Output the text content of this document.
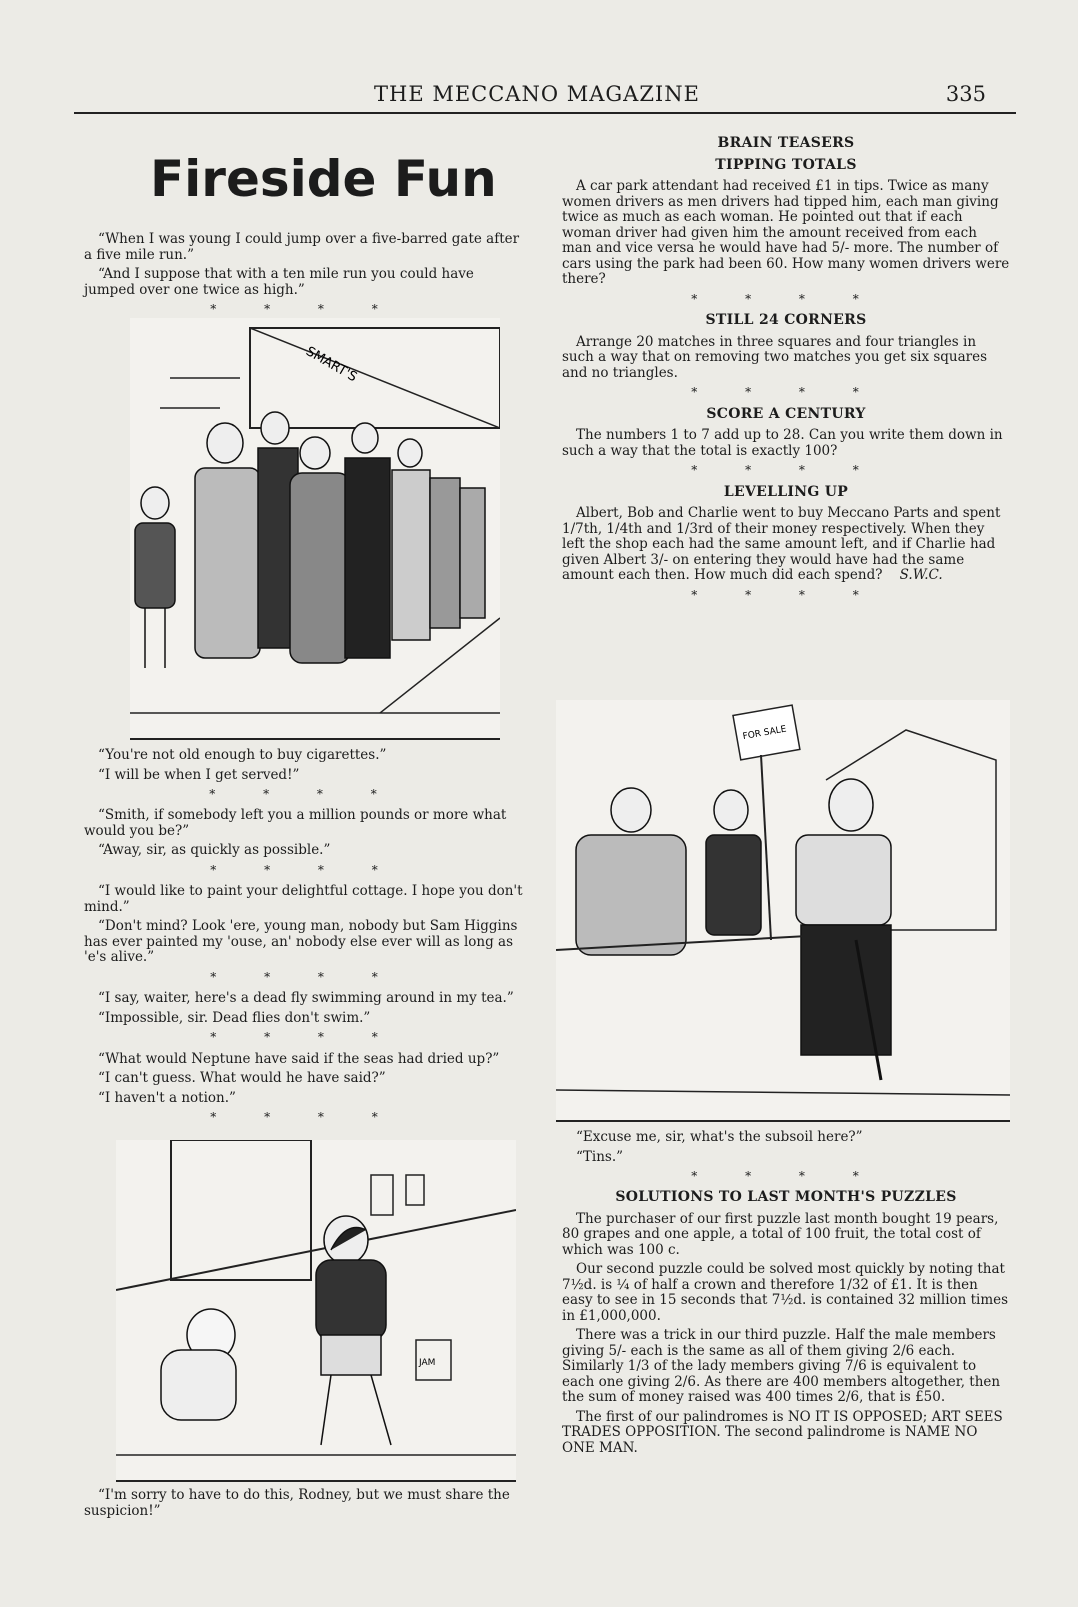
THE MECCANO MAGAZINE	335
Fireside Fun

“When I was young I could jump over a five-barred gate after a five mile run.”

“And I suppose that with a ten mile run you could have jumped over one twice as high.”

* * * *
SMART'S

“You're not old enough to buy cigarettes.”

“I will be when I get served!”

* * * *

“Smith, if somebody left you a million pounds or more what would you be?”

“Away, sir, as quickly as possible.”

* * * *

“I would like to paint your delightful cottage. I hope you don't mind.”

“Don't mind? Look 'ere, young man, nobody but Sam Higgins has ever painted my 'ouse, an' nobody else ever will as long as 'e's alive.”

* * * *

“I say, waiter, here's a dead fly swimming around in my tea.”

“Impossible, sir. Dead flies don't swim.”

* * * *

“What would Neptune have said if the seas had dried up?”

“I can't guess. What would he have said?”

“I haven't a notion.”

* * * *
JAM

“I'm sorry to have to do this, Rodney, but we must share the suspicion!”

BRAIN TEASERS
TIPPING TOTALS

A car park attendant had received £1 in tips. Twice as many women drivers as men drivers had tipped him, each man giving twice as much as each woman. He pointed out that if each woman driver had given him the amount received from each man and vice versa he would have had 5/- more. The number of cars using the park had been 60. How many women drivers were there?

* * * *
STILL 24 CORNERS

Arrange 20 matches in three squares and four triangles in such a way that on removing two matches you get six squares and no triangles.

* * * *
SCORE A CENTURY

The numbers 1 to 7 add up to 28. Can you write them down in such a way that the total is exactly 100?

* * * *
LEVELLING UP

Albert, Bob and Charlie went to buy Meccano Parts and spent 1/7th, 1/4th and 1/3rd of their money respectively. When they left the shop each had the same amount left, and if Charlie had given Albert 3/- on entering they would have had the same amount each then. How much did each spend? S.W.C.

* * * *
FOR SALE

“Excuse me, sir, what's the subsoil here?”

“Tins.”

* * * *
SOLUTIONS TO LAST MONTH'S PUZZLES

The purchaser of our first puzzle last month bought 19 pears, 80 grapes and one apple, a total of 100 fruit, the total cost of which was 100 c.

Our second puzzle could be solved most quickly by noting that 7½d. is ¼ of half a crown and therefore 1/32 of £1. It is then easy to see in 15 seconds that 7½d. is contained 32 million times in £1,000,000.

There was a trick in our third puzzle. Half the male members giving 5/- each is the same as all of them giving 2/6 each. Similarly 1/3 of the lady members giving 7/6 is equivalent to each one giving 2/6. As there are 400 members altogether, then the sum of money raised was 400 times 2/6, that is £50.

The first of our palindromes is NO IT IS OPPOSED; ART SEES TRADES OPPOSITION. The second palindrome is NAME NO ONE MAN.
